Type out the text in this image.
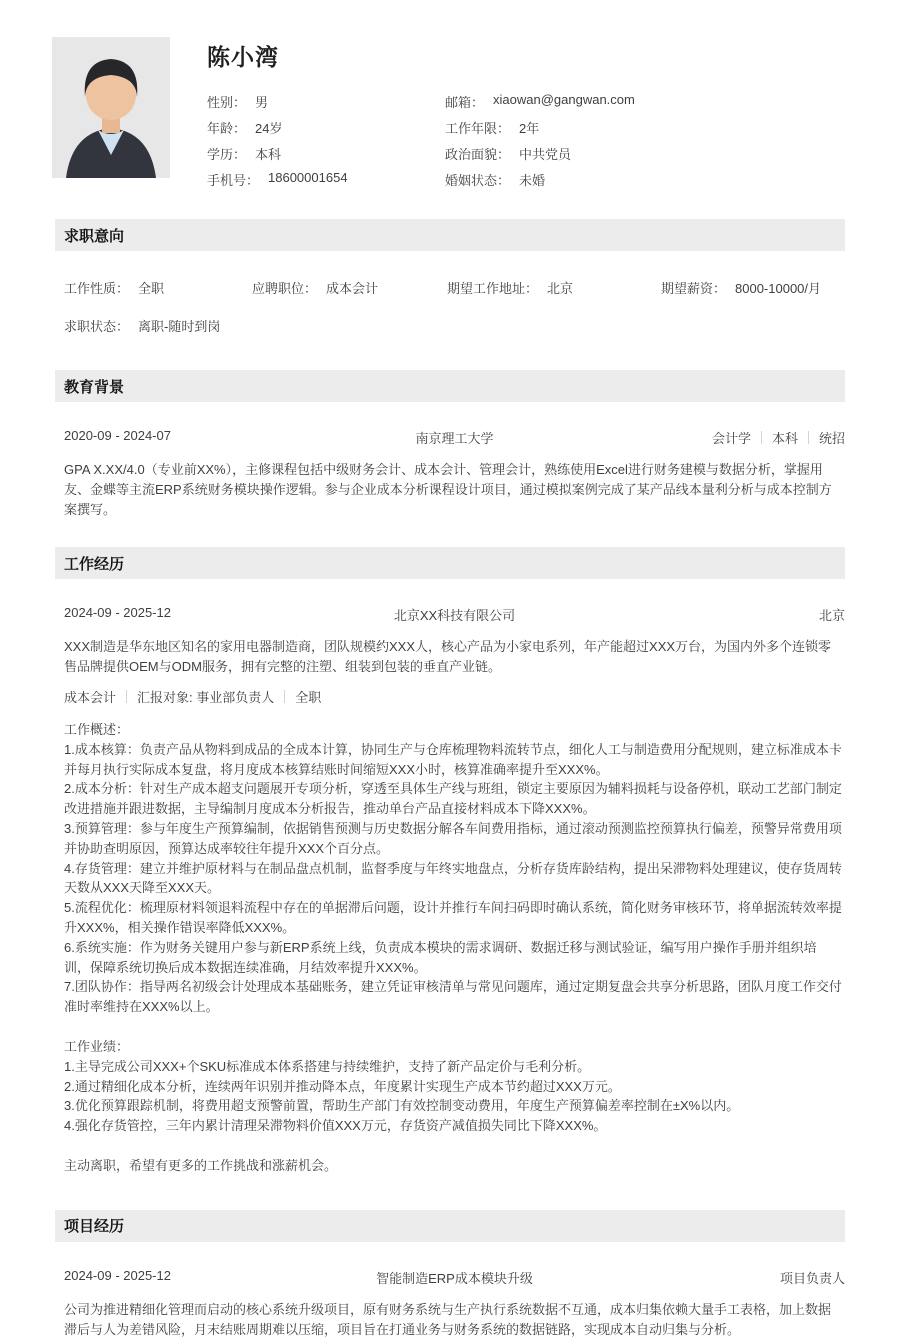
陈小湾
性别： 男	邮箱： xiaowan@gangwan.com
年龄： 24岁	工作年限： 2年
学历： 本科	政治面貌： 中共党员
手机号： 18600001654	婚姻状态： 未婚
求职意向
工作性质： 全职	应聘职位： 成本会计	期望工作地址： 北京	期望薪资： 8000-10000/月
求职状态： 离职-随时到岗
教育背景
2020-09 - 2024-07	南京理工大学	会计学 本科 统招

GPA X.XX/4.0（专业前XX%），主修课程包括中级财务会计、成本会计、管理会计，熟练使用Excel进行财务建模与数据分析，掌握用友、金蝶等主流ERP系统财务模块操作逻辑。参与企业成本分析课程设计项目，通过模拟案例完成了某产品线本量利分析与成本控制方案撰写。

工作经历
2024-09 - 2025-12	北京XX科技有限公司	北京

XXX制造是华东地区知名的家用电器制造商，团队规模约XXX人，核心产品为小家电系列，年产能超过XXX万台，为国内外多个连锁零售品牌提供OEM与ODM服务，拥有完整的注塑、组装到包装的垂直产业链。

成本会计 汇报对象: 事业部负责人 全职

工作概述：

1.成本核算：负责产品从物料到成品的全成本计算，协同生产与仓库梳理物料流转节点，细化人工与制造费用分配规则，建立标准成本卡并每月执行实际成本复盘，将月度成本核算结账时间缩短XXX小时，核算准确率提升至XXX%。

2.成本分析：针对生产成本超支问题展开专项分析，穿透至具体生产线与班组，锁定主要原因为辅料损耗与设备停机，联动工艺部门制定改进措施并跟进数据，主导编制月度成本分析报告，推动单台产品直接材料成本下降XXX%。

3.预算管理：参与年度生产预算编制，依据销售预测与历史数据分解各车间费用指标，通过滚动预测监控预算执行偏差，预警异常费用项并协助查明原因，预算达成率较往年提升XXX个百分点。

4.存货管理：建立并维护原材料与在制品盘点机制，监督季度与年终实地盘点，分析存货库龄结构，提出呆滞物料处理建议，使存货周转天数从XXX天降至XXX天。

5.流程优化：梳理原材料领退料流程中存在的单据滞后问题，设计并推行车间扫码即时确认系统，简化财务审核环节，将单据流转效率提升XXX%，相关操作错误率降低XXX%。

6.系统实施：作为财务关键用户参与新ERP系统上线，负责成本模块的需求调研、数据迁移与测试验证，编写用户操作手册并组织培训，保障系统切换后成本数据连续准确，月结效率提升XXX%。

7.团队协作：指导两名初级会计处理成本基础账务，建立凭证审核清单与常见问题库，通过定期复盘会共享分析思路，团队月度工作交付准时率维持在XXX%以上。

工作业绩：

1.主导完成公司XXX+个SKU标准成本体系搭建与持续维护，支持了新产品定价与毛利分析。

2.通过精细化成本分析，连续两年识别并推动降本点，年度累计实现生产成本节约超过XXX万元。

3.优化预算跟踪机制，将费用超支预警前置，帮助生产部门有效控制变动费用，年度生产预算偏差率控制在±X%以内。

4.强化存货管控，三年内累计清理呆滞物料价值XXX万元，存货资产减值损失同比下降XXX%。

主动离职，希望有更多的工作挑战和涨薪机会。

项目经历
2024-09 - 2025-12	智能制造ERP成本模块升级	项目负责人

公司为推进精细化管理而启动的核心系统升级项目，原有财务系统与生产执行系统数据不互通，成本归集依赖大量手工表格，加上数据滞后与人为差错风险，月末结账周期难以压缩，项目旨在打通业务与财务系统的数据链路，实现成本自动归集与分析。
